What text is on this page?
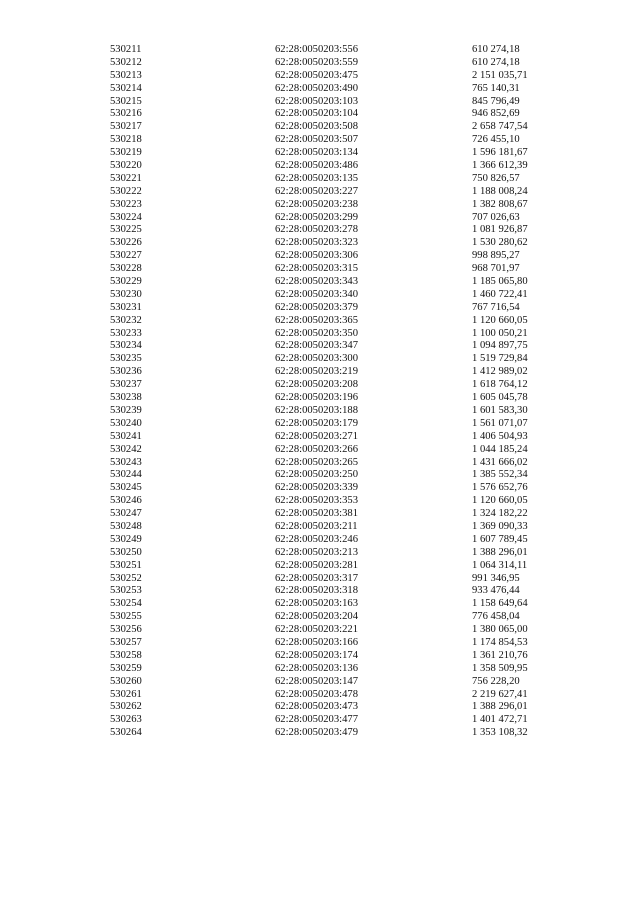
530211	62:28:0050203:556	610 274,18
530212	62:28:0050203:559	610 274,18
530213	62:28:0050203:475	2 151 035,71
530214	62:28:0050203:490	765 140,31
530215	62:28:0050203:103	845 796,49
530216	62:28:0050203:104	946 852,69
530217	62:28:0050203:508	2 658 747,54
530218	62:28:0050203:507	726 455,10
530219	62:28:0050203:134	1 596 181,67
530220	62:28:0050203:486	1 366 612,39
530221	62:28:0050203:135	750 826,57
530222	62:28:0050203:227	1 188 008,24
530223	62:28:0050203:238	1 382 808,67
530224	62:28:0050203:299	707 026,63
530225	62:28:0050203:278	1 081 926,87
530226	62:28:0050203:323	1 530 280,62
530227	62:28:0050203:306	998 895,27
530228	62:28:0050203:315	968 701,97
530229	62:28:0050203:343	1 185 065,80
530230	62:28:0050203:340	1 460 722,41
530231	62:28:0050203:379	767 716,54
530232	62:28:0050203:365	1 120 660,05
530233	62:28:0050203:350	1 100 050,21
530234	62:28:0050203:347	1 094 897,75
530235	62:28:0050203:300	1 519 729,84
530236	62:28:0050203:219	1 412 989,02
530237	62:28:0050203:208	1 618 764,12
530238	62:28:0050203:196	1 605 045,78
530239	62:28:0050203:188	1 601 583,30
530240	62:28:0050203:179	1 561 071,07
530241	62:28:0050203:271	1 406 504,93
530242	62:28:0050203:266	1 044 185,24
530243	62:28:0050203:265	1 431 666,02
530244	62:28:0050203:250	1 385 552,34
530245	62:28:0050203:339	1 576 652,76
530246	62:28:0050203:353	1 120 660,05
530247	62:28:0050203:381	1 324 182,22
530248	62:28:0050203:211	1 369 090,33
530249	62:28:0050203:246	1 607 789,45
530250	62:28:0050203:213	1 388 296,01
530251	62:28:0050203:281	1 064 314,11
530252	62:28:0050203:317	991 346,95
530253	62:28:0050203:318	933 476,44
530254	62:28:0050203:163	1 158 649,64
530255	62:28:0050203:204	776 458,04
530256	62:28:0050203:221	1 380 065,00
530257	62:28:0050203:166	1 174 854,53
530258	62:28:0050203:174	1 361 210,76
530259	62:28:0050203:136	1 358 509,95
530260	62:28:0050203:147	756 228,20
530261	62:28:0050203:478	2 219 627,41
530262	62:28:0050203:473	1 388 296,01
530263	62:28:0050203:477	1 401 472,71
530264	62:28:0050203:479	1 353 108,32
